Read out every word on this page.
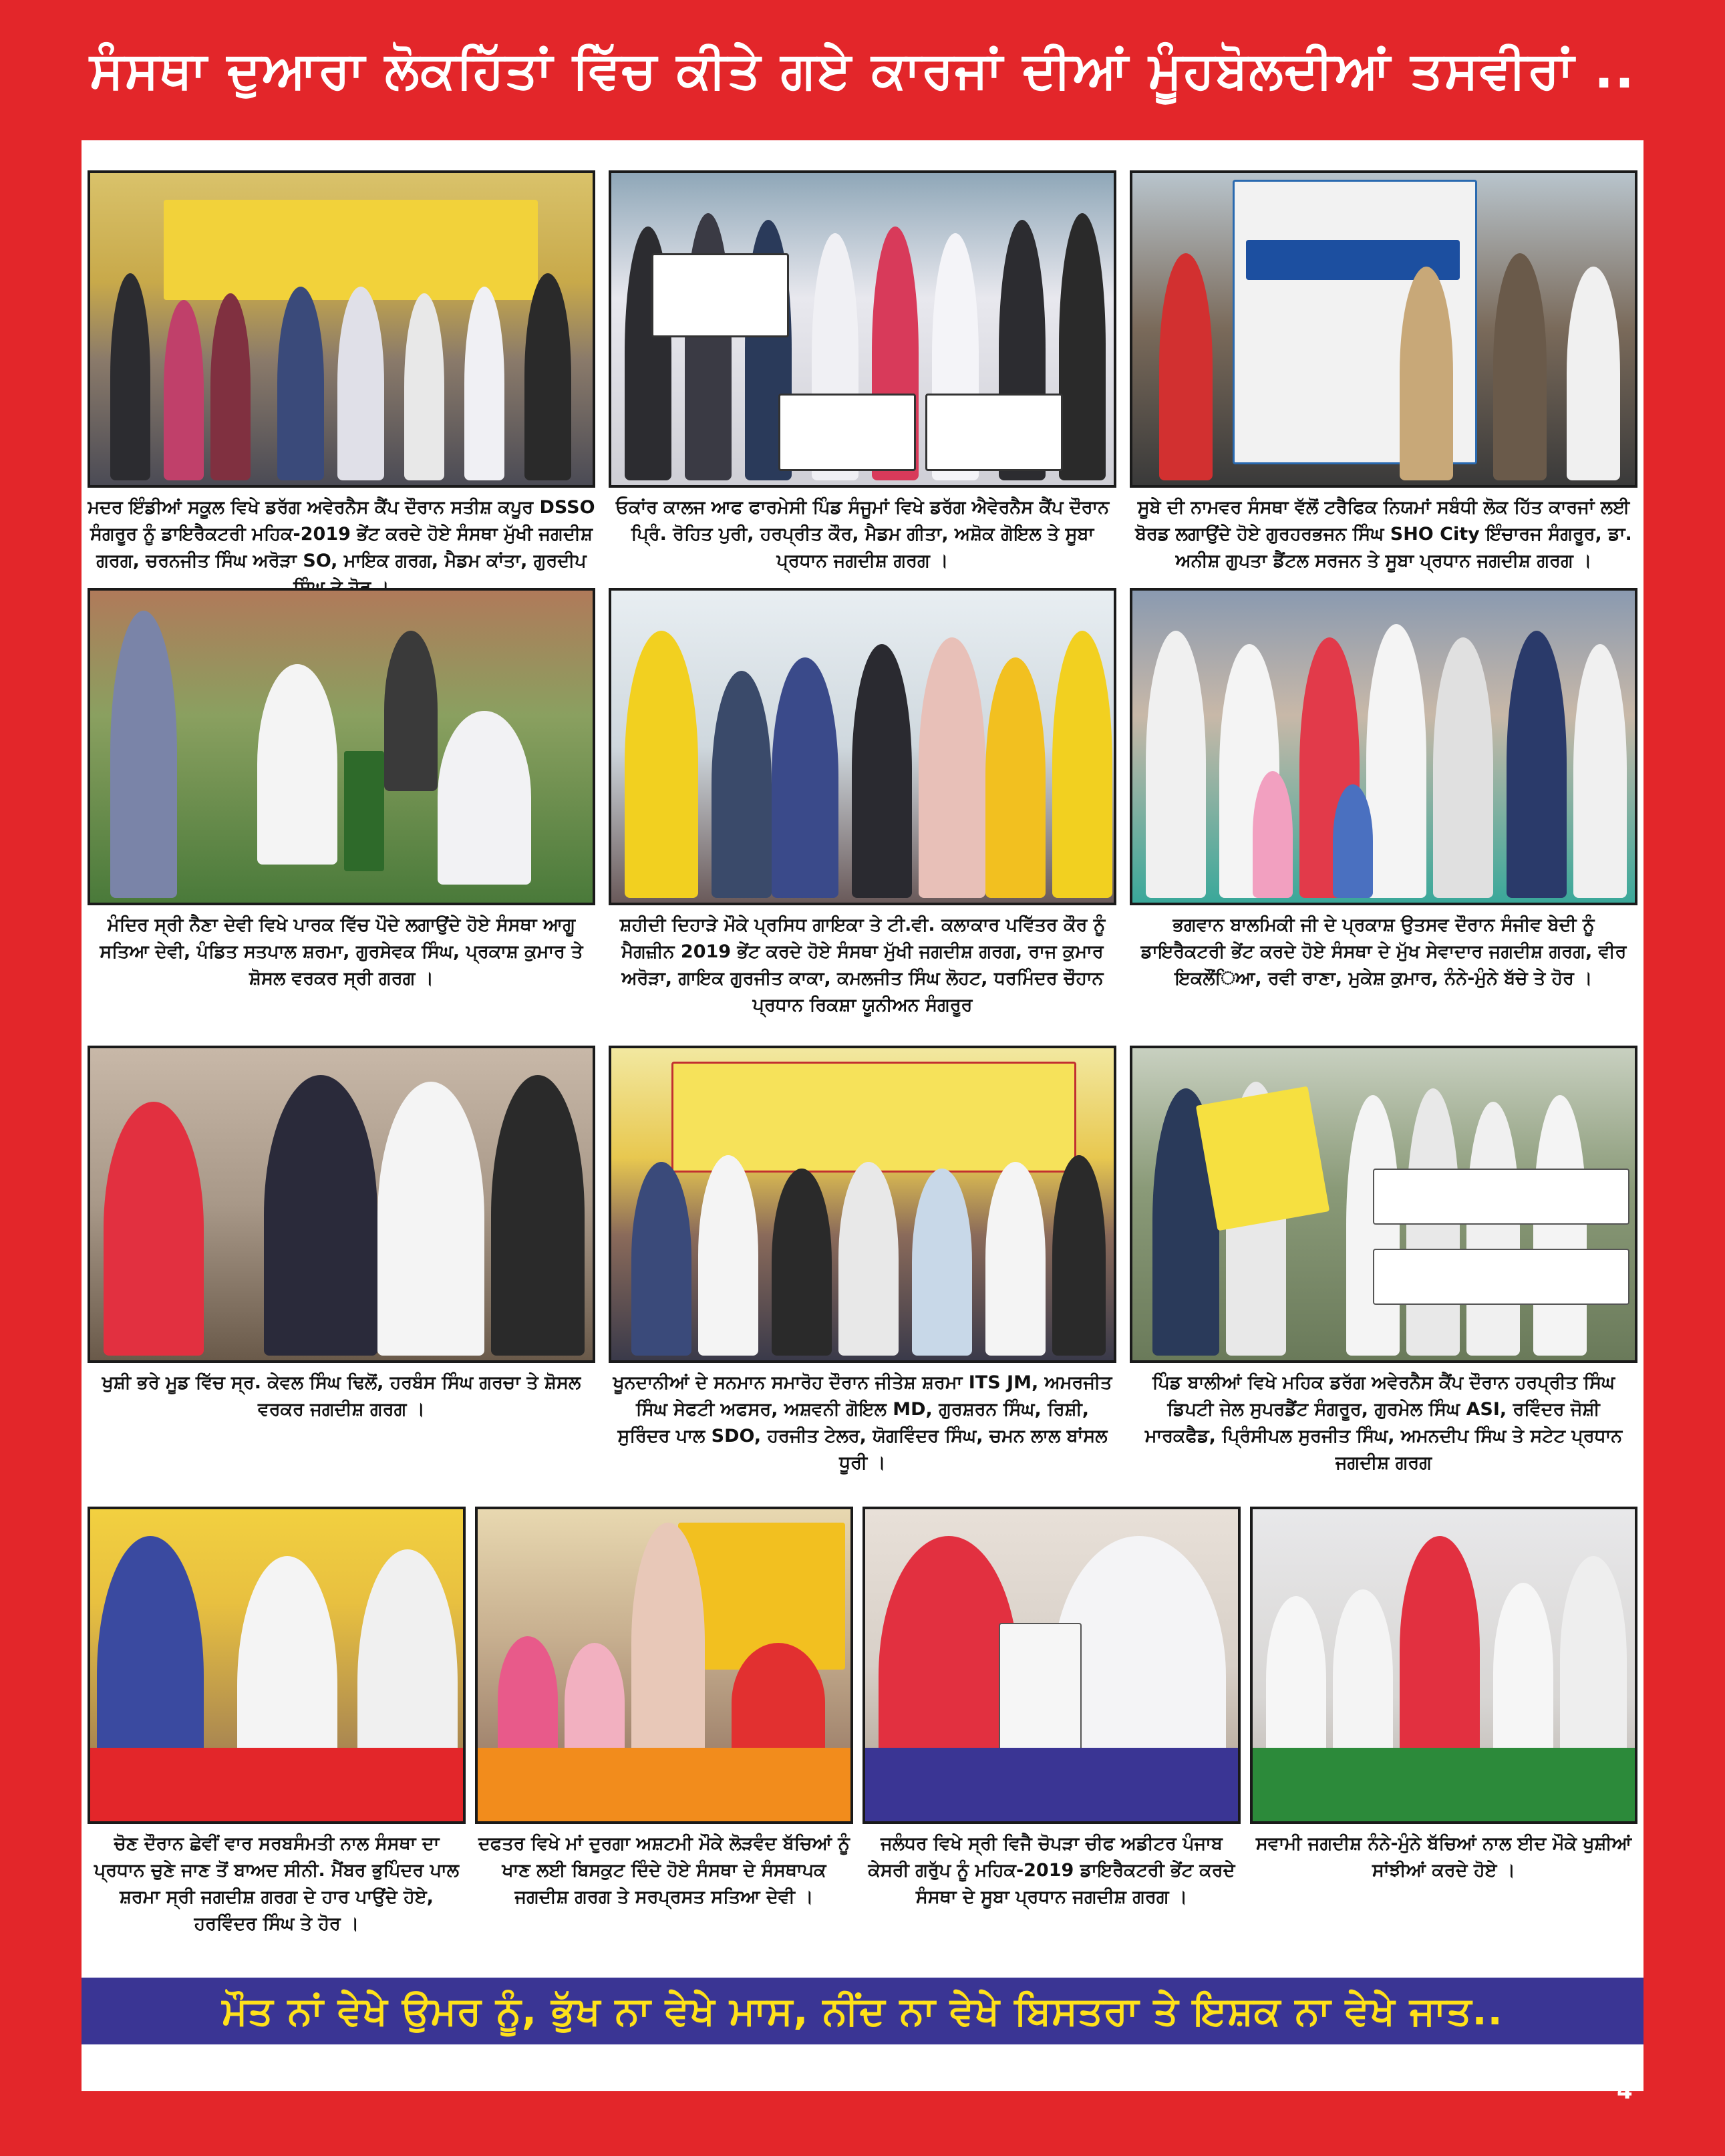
ਸੰਸਥਾ ਦੁਆਰਾ ਲੋਕਹਿੱਤਾਂ ਵਿੱਚ ਕੀਤੇ ਗਏ ਕਾਰਜਾਂ ਦੀਆਂ ਮੂੰਹਬੋਲਦੀਆਂ ਤਸਵੀਰਾਂ ..
ਮਦਰ ਇੰਡੀਆਂ ਸਕੂਲ ਵਿਖੇ ਡਰੱਗ ਅਵੇਰਨੈਸ ਕੈਂਪ ਦੌਰਾਨ ਸਤੀਸ਼ ਕਪੂਰ DSSO ਸੰਗਰੂਰ ਨੂੰ ਡਾਇਰੈਕਟਰੀ ਮਹਿਕ-2019 ਭੇਂਟ ਕਰਦੇ ਹੋਏ ਸੰਸਥਾ ਮੁੱਖੀ ਜਗਦੀਸ਼ ਗਰਗ, ਚਰਨਜੀਤ ਸਿੰਘ ਅਰੋੜਾ SO, ਮਾਇਕ ਗਰਗ, ਮੈਡਮ ਕਾਂਤਾ, ਗੁਰਦੀਪ
ਓਕਾਂਰ ਕਾਲਜ ਆਫ ਫਾਰਮੇਸੀ ਪਿੰਡ ਸੰਜੂਮਾਂ ਵਿਖੇ ਡਰੱਗ ਐਵੇਰਨੈਸ ਕੈਂਪ ਦੌਰਾਨ ਪ੍ਰਿੰ. ਰੋਹਿਤ ਪੁਰੀ, ਹਰਪ੍ਰੀਤ ਕੌਰ, ਮੈਡਮ ਗੀਤਾ, ਅਸ਼ੋਕ ਗੋਇਲ ਤੇ ਸੂਬਾ ਪ੍ਰਧਾਨ ਜਗਦੀਸ਼ ਗਰਗ ।
ਸੂਬੇ ਦੀ ਨਾਮਵਰ ਸੰਸਥਾ ਵੱਲੋਂ ਟਰੈਫਿਕ ਨਿਯਮਾਂ ਸਬੰਧੀ ਲੋਕ ਹਿੱਤ ਕਾਰਜਾਂ ਲਈ ਬੋਰਡ ਲਗਾਉਂਦੇ ਹੋਏ ਗੁਰਹਰਭਜਨ ਸਿੰਘ SHO City ਇੰਚਾਰਜ ਸੰਗਰੂਰ, ਡਾ. ਅਨੀਸ਼ ਗੁਪਤਾ ਡੈਂਟਲ ਸਰਜਨ ਤੇ ਸੂਬਾ ਪ੍ਰਧਾਨ ਜਗਦੀਸ਼ ਗਰਗ ।
ਮੰਦਿਰ ਸ੍ਰੀ ਨੈਣਾ ਦੇਵੀ ਵਿਖੇ ਪਾਰਕ ਵਿੱਚ ਪੌਦੇ ਲਗਾਉਂਦੇ ਹੋਏ ਸੰਸਥਾ ਆਗੂ ਸਤਿਆ ਦੇਵੀ, ਪੰਡਿਤ ਸਤਪਾਲ ਸ਼ਰਮਾ, ਗੁਰਸੇਵਕ ਸਿੰਘ, ਪ੍ਰਕਾਸ਼ ਕੁਮਾਰ ਤੇ ਸ਼ੋਸਲ ਵਰਕਰ ਸ੍ਰੀ ਗਰਗ ।
ਸ਼ਹੀਦੀ ਦਿਹਾੜੇ ਮੌਕੇ ਪ੍ਰਸਿਧ ਗਾਇਕਾ ਤੇ ਟੀ.ਵੀ. ਕਲਾਕਾਰ ਪਵਿੱਤਰ ਕੌਰ ਨੂੰ ਮੈਗਜ਼ੀਨ 2019 ਭੇਂਟ ਕਰਦੇ ਹੋਏ ਸੰਸਥਾ ਮੁੱਖੀ ਜਗਦੀਸ਼ ਗਰਗ, ਰਾਜ ਕੁਮਾਰ ਅਰੋੜਾ, ਗਾਇਕ ਗੁਰਜੀਤ ਕਾਕਾ, ਕਮਲਜੀਤ ਸਿੰਘ ਲੋਹਟ, ਧਰਮਿੰਦਰ ਚੌਹਾਨ ਪ੍ਰਧਾਨ ਰਿਕਸ਼ਾ ਯੂਨੀਅਨ ਸੰਗਰੂਰ
ਭਗਵਾਨ ਬਾਲਮਿਕੀ ਜੀ ਦੇ ਪ੍ਰਕਾਸ਼ ਉਤਸਵ ਦੌਰਾਨ ਸੰਜੀਵ ਬੇਦੀ ਨੂੰ ਡਾਇਰੈਕਟਰੀ ਭੇਂਟ ਕਰਦੇ ਹੋਏ ਸੰਸਥਾ ਦੇ ਮੁੱਖ ਸੇਵਾਦਾਰ ਜਗਦੀਸ਼ ਗਰਗ, ਵੀਰ ਇਕਲੌਂਿਆ, ਰਵੀ ਰਾਣਾ, ਮੁਕੇਸ਼ ਕੁਮਾਰ, ਨੰਨੇ-ਮੁੰਨੇ ਬੱਚੇ ਤੇ ਹੋਰ ।
ਖੁਸ਼ੀ ਭਰੇ ਮੂਡ ਵਿੱਚ ਸ੍ਰ. ਕੇਵਲ ਸਿੰਘ ਢਿਲੋਂ, ਹਰਬੰਸ ਸਿੰਘ ਗਰਚਾ ਤੇ ਸ਼ੋਸਲ ਵਰਕਰ ਜਗਦੀਸ਼ ਗਰਗ ।
ਖੂਨਦਾਨੀਆਂ ਦੇ ਸਨਮਾਨ ਸਮਾਰੋਹ ਦੌਰਾਨ ਜੀਤੇਸ਼ ਸ਼ਰਮਾ ITS JM, ਅਮਰਜੀਤ ਸਿੰਘ ਸੇਫਟੀ ਅਫਸਰ, ਅਸ਼ਵਨੀ ਗੋਇਲ MD, ਗੁਰਸ਼ਰਨ ਸਿੰਘ, ਰਿਸ਼ੀ, ਸੁਰਿੰਦਰ ਪਾਲ SDO, ਹਰਜੀਤ ਟੇਲਰ, ਯੋਗਵਿੰਦਰ ਸਿੰਘ, ਚਮਨ ਲਾਲ ਬਾਂਸਲ ਧੂਰੀ ।
ਪਿੰਡ ਬਾਲੀਆਂ ਵਿਖੇ ਮਹਿਕ ਡਰੱਗ ਅਵੇਰਨੈਸ ਕੈਂਪ ਦੌਰਾਨ ਹਰਪ੍ਰੀਤ ਸਿੰਘ ਡਿਪਟੀ ਜੇਲ ਸੁਪਰਡੈਂਟ ਸੰਗਰੂਰ, ਗੁਰਮੇਲ ਸਿੰਘ ASI, ਰਵਿੰਦਰ ਜੋਸ਼ੀ ਮਾਰਕਫੈਡ, ਪ੍ਰਿੰਸੀਪਲ ਸੁਰਜੀਤ ਸਿੰਘ, ਅਮਨਦੀਪ ਸਿੰਘ ਤੇ ਸਟੇਟ ਪ੍ਰਧਾਨ ਜਗਦੀਸ਼ ਗਰਗ
ਚੋਣ ਦੌਰਾਨ ਛੇਵੀਂ ਵਾਰ ਸਰਬਸੰਮਤੀ ਨਾਲ ਸੰਸਥਾ ਦਾ ਪ੍ਰਧਾਨ ਚੁਣੇ ਜਾਣ ਤੋਂ ਬਾਅਦ ਸੀਨੀ. ਮੈਂਬਰ ਭੁਪਿੰਦਰ ਪਾਲ ਸ਼ਰਮਾ ਸ੍ਰੀ ਜਗਦੀਸ਼ ਗਰਗ ਦੇ ਹਾਰ ਪਾਉਂਦੇ ਹੋਏ, ਹਰਵਿੰਦਰ ਸਿੰਘ ਤੇ ਹੋਰ ।
ਦਫਤਰ ਵਿਖੇ ਮਾਂ ਦੁਰਗਾ ਅਸ਼ਟਮੀ ਮੌਕੇ ਲੋੜਵੰਦ ਬੱਚਿਆਂ ਨੂੰ ਖਾਣ ਲਈ ਬਿਸਕੁਟ ਦਿੰਦੇ ਹੋਏ ਸੰਸਥਾ ਦੇ ਸੰਸਥਾਪਕ ਜਗਦੀਸ਼ ਗਰਗ ਤੇ ਸਰਪ੍ਰਸਤ ਸਤਿਆ ਦੇਵੀ ।
ਜਲੰਧਰ ਵਿਖੇ ਸ੍ਰੀ ਵਿਜੈ ਚੋਪੜਾ ਚੀਫ ਅਡੀਟਰ ਪੰਜਾਬ ਕੇਸਰੀ ਗਰੁੱਪ ਨੂੰ ਮਹਿਕ-2019 ਡਾਇਰੈਕਟਰੀ ਭੇਂਟ ਕਰਦੇ ਸੰਸਥਾ ਦੇ ਸੂਬਾ ਪ੍ਰਧਾਨ ਜਗਦੀਸ਼ ਗਰਗ ।
ਸਵਾਮੀ ਜਗਦੀਸ਼ ਨੰਨੇ-ਮੁੰਨੇ ਬੱਚਿਆਂ ਨਾਲ ਈਦ ਮੌਕੇ ਖੁਸ਼ੀਆਂ ਸਾਂਝੀਆਂ ਕਰਦੇ ਹੋਏ ।
ਮੌਤ ਨਾਂ ਵੇਖੇ ਉਮਰ ਨੂੰ, ਭੁੱਖ ਨਾ ਵੇਖੇ ਮਾਸ, ਨੀਂਦ ਨਾ ਵੇਖੇ ਬਿਸਤਰਾ ਤੇ ਇਸ਼ਕ ਨਾ ਵੇਖੇ ਜਾਤ..
4
